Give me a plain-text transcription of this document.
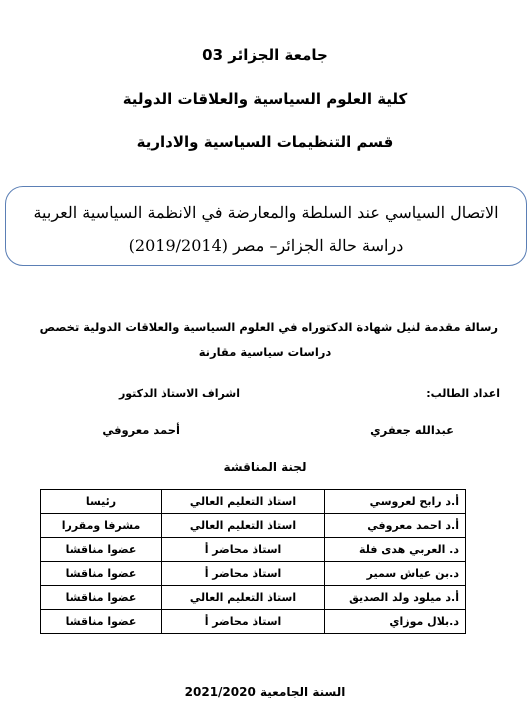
جامعة الجزائر 03
كلية العلوم السياسية والعلاقات الدولية
قسم التنظيمات السياسية والادارية
الاتصال السياسي عند السلطة والمعارضة في الانظمة السياسية العربية
دراسة حالة الجزائر– مصر (2019/2014)
رسالة مقدمة لنيل شهادة الدكتوراه في العلوم السياسية والعلاقات الدولية تخصص
دراسات سياسية مقارنة
اعداد الطالب:
اشراف الاستاذ الدكتور
عبدالله جعفري
أحمد معروفي
لجنة المناقشة
أ.د رابح لعروسي	استاذ التعليم العالي	رئيسا
أ.د احمد معروفي	استاذ التعليم العالي	مشرفا ومقررا
د. العربي هدى فلة	استاذ محاضر أ	عضوا مناقشا
د.بن عياش سمير	استاذ محاضر أ	عضوا مناقشا
أ.د ميلود ولد الصديق	استاذ التعليم العالي	عضوا مناقشا
د.بلال موزاي	استاذ محاضر أ	عضوا مناقشا
السنة الجامعية 2021/2020
